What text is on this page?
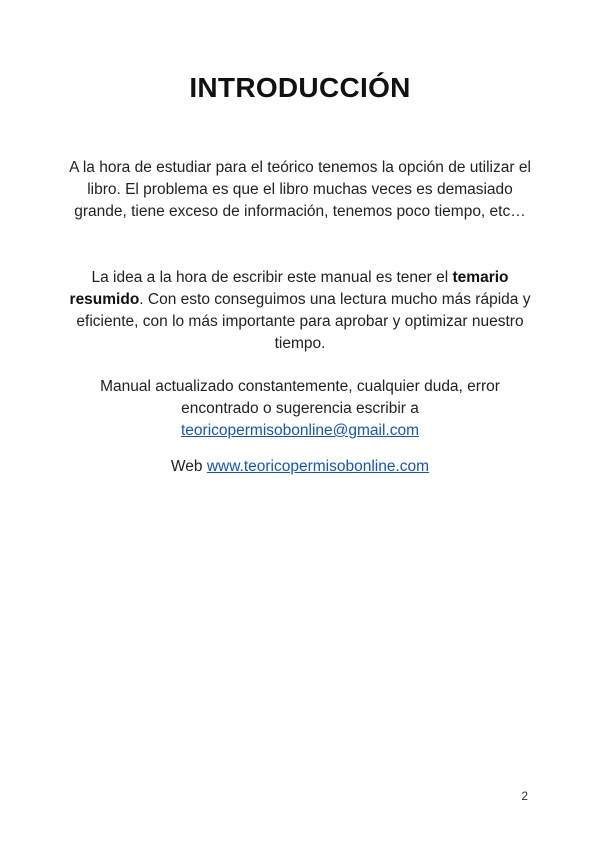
INTRODUCCIÓN

A la hora de estudiar para el teórico tenemos la opción de utilizar el libro. El problema es que el libro muchas veces es demasiado grande, tiene exceso de información, tenemos poco tiempo, etc…

La idea a la hora de escribir este manual es tener el temario resumido. Con esto conseguimos una lectura mucho más rápida y eficiente, con lo más importante para aprobar y optimizar nuestro tiempo.

Manual actualizado constantemente, cualquier duda, error encontrado o sugerencia escribir a teoricopermisobonline@gmail.com

Web www.teoricopermisobonline.com

2
